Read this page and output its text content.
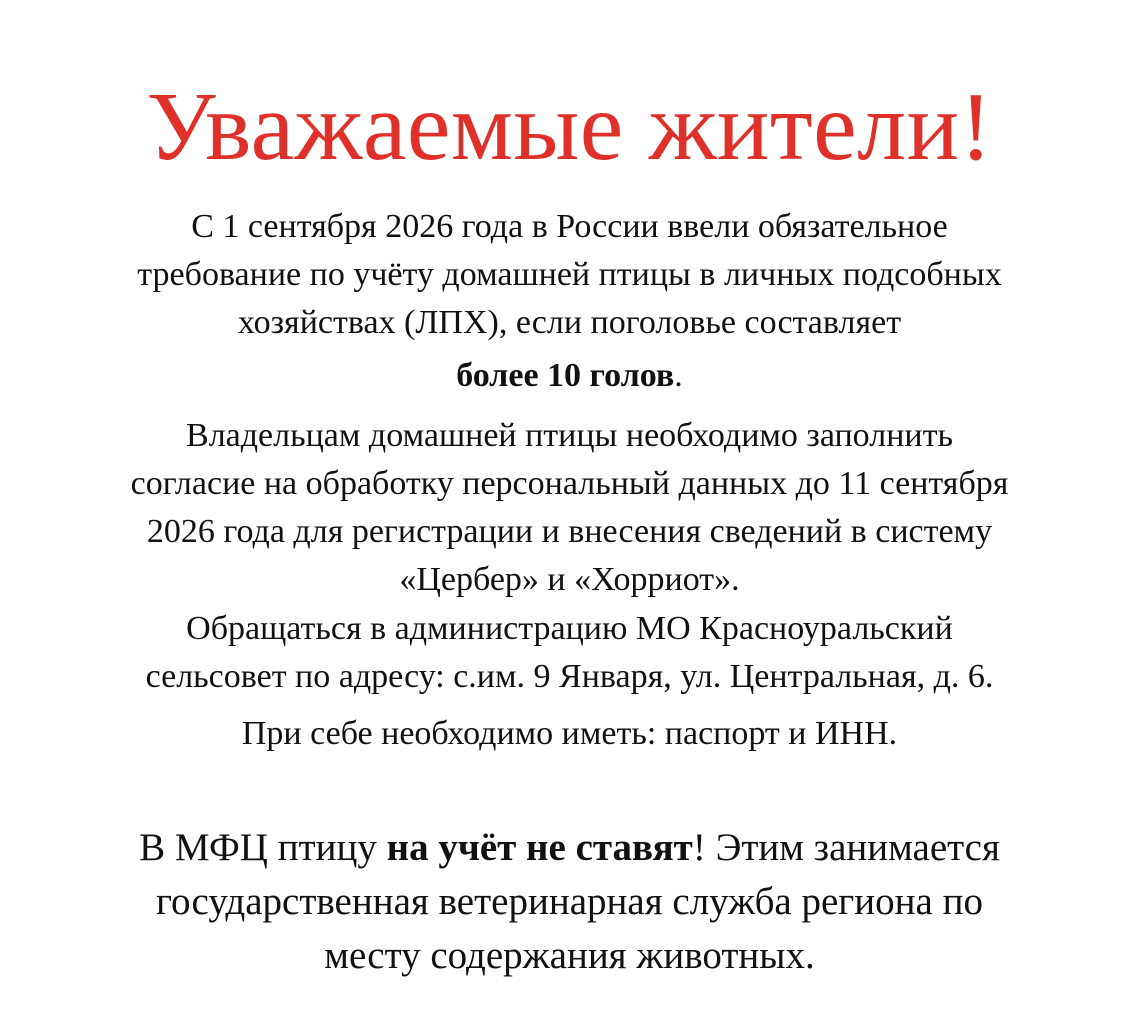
Уважаемые жители!

С 1 сентября 2026 года в России ввели обязательное
требование по учёту домашней птицы в личных подсобных
хозяйствах (ЛПХ), если поголовье составляет

более 10 голов.

Владельцам домашней птицы необходимо заполнить
согласие на обработку персональный данных до 11 сентября
2026 года для регистрации и внесения сведений в систему
«Цербер» и «Хорриот».

Обращаться в администрацию МО Красноуральский
сельсовет по адресу: с.им. 9 Января, ул. Центральная, д. 6.

При себе необходимо иметь: паспорт и ИНН.

В МФЦ птицу на учёт не ставят! Этим занимается
государственная ветеринарная служба региона по
месту содержания животных.
